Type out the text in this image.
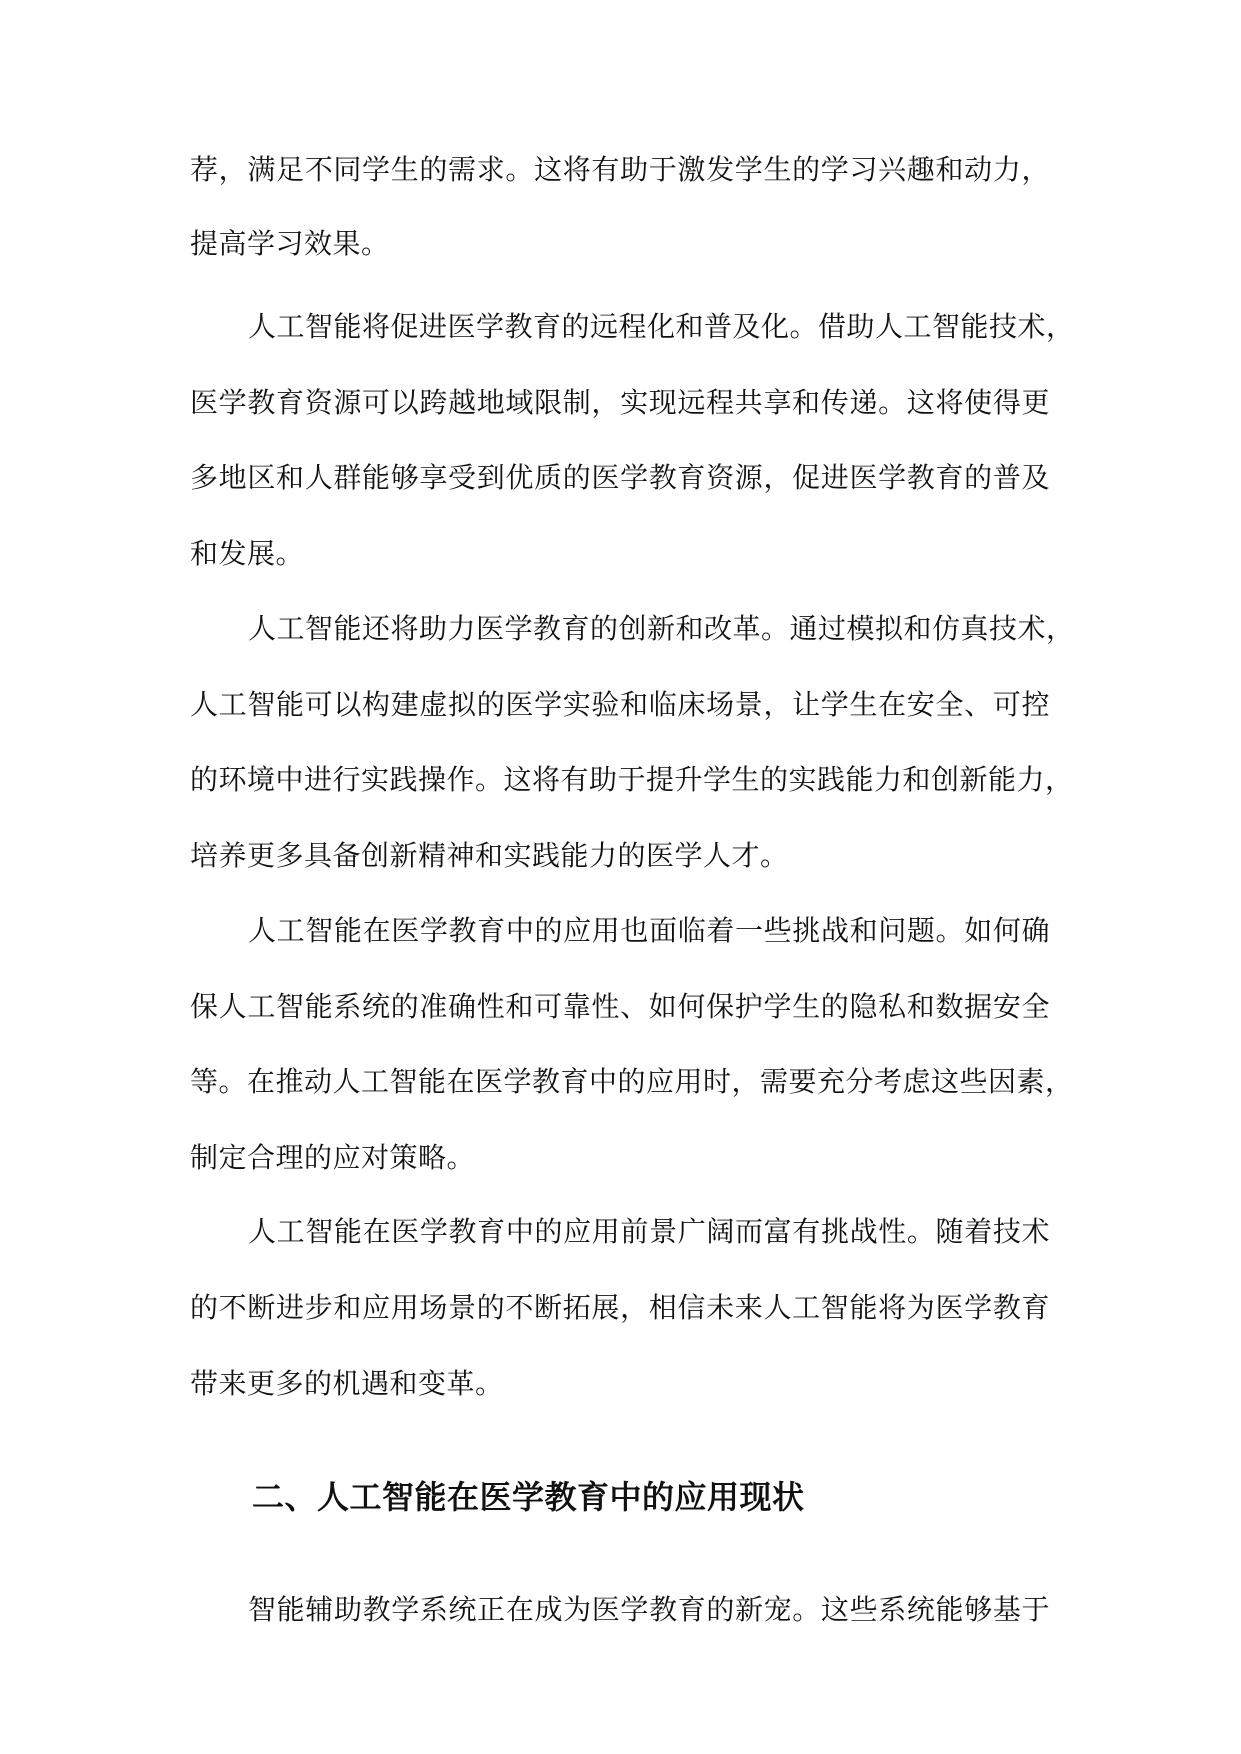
荐，满足不同学生的需求。这将有助于激发学生的学习兴趣和动力，
提高学习效果。
人工智能将促进医学教育的远程化和普及化。借助人工智能技术，
医学教育资源可以跨越地域限制，实现远程共享和传递。这将使得更
多地区和人群能够享受到优质的医学教育资源，促进医学教育的普及
和发展。
人工智能还将助力医学教育的创新和改革。通过模拟和仿真技术，
人工智能可以构建虚拟的医学实验和临床场景，让学生在安全、可控
的环境中进行实践操作。这将有助于提升学生的实践能力和创新能力，
培养更多具备创新精神和实践能力的医学人才。
人工智能在医学教育中的应用也面临着一些挑战和问题。如何确
保人工智能系统的准确性和可靠性、如何保护学生的隐私和数据安全
等。在推动人工智能在医学教育中的应用时，需要充分考虑这些因素，
制定合理的应对策略。
人工智能在医学教育中的应用前景广阔而富有挑战性。随着技术
的不断进步和应用场景的不断拓展，相信未来人工智能将为医学教育
带来更多的机遇和变革。
二、人工智能在医学教育中的应用现状
智能辅助教学系统正在成为医学教育的新宠。这些系统能够基于
